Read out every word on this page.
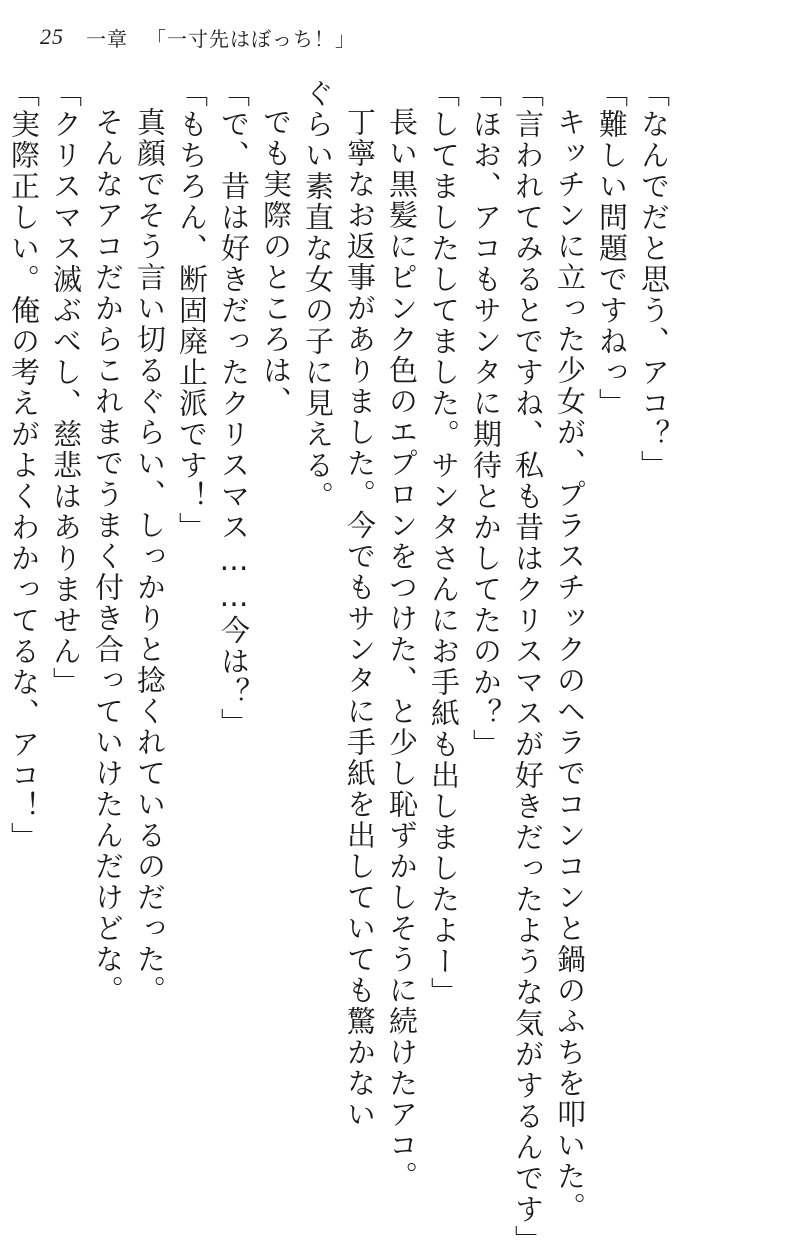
25 一章 「一寸先はぼっち！」
「なんでだと思う、アコ？」
「難しい問題ですねっ」
キッチンに立った少女が、プラスチックのヘラでコンコンと鍋のふちを叩いた。
「言われてみるとですね、私も昔はクリスマスが好きだったような気がするんです」
「ほお、アコもサンタに期待とかしてたのか？」
「してましたしてました。サンタさんにお手紙も出しましたよー」
長い黒髪にピンク色のエプロンをつけた、と少し恥ずかしそうに続けたアコ。
丁寧なお返事がありました。今でもサンタに手紙を出していても驚かない
ぐらい素直な女の子に見える。
でも実際のところは、
「で、昔は好きだったクリスマス……今は？」
「もちろん、断固廃止派です！」
真顔でそう言い切るぐらい、しっかりと捻くれているのだった。
そんなアコだからこれまでうまく付き合っていけたんだけどな。
「クリスマス滅ぶべし、慈悲はありません」
「実際正しい。俺の考えがよくわかってるな、アコ！」
